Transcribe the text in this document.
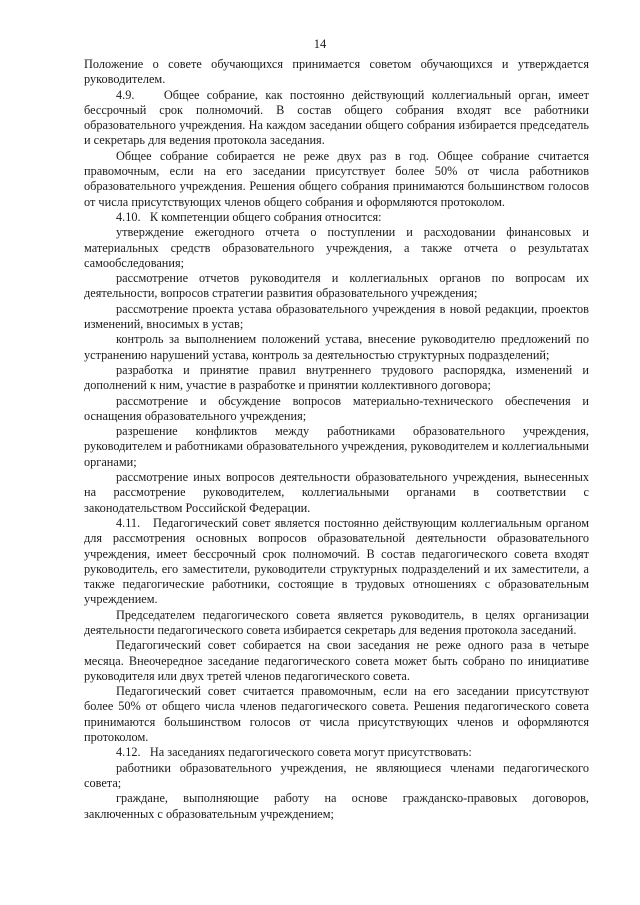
14

Положение о совете обучающихся принимается советом обучающихся и утверждается руководителем.

4.9.    Общее собрание, как постоянно действующий коллегиальный орган, имеет бессрочный срок полномочий. В состав общего собрания входят все работники образовательного учреждения. На каждом заседании общего собрания избирается председатель и секретарь для ведения протокола заседания.

Общее собрание собирается не реже двух раз в год. Общее собрание считается правомочным, если на его заседании присутствует более 50% от числа работников образовательного учреждения. Решения общего собрания принимаются большинством голосов от числа присутствующих членов общего собрания и оформляются протоколом.

4.10.   К компетенции общего собрания относится:

утверждение ежегодного отчета о поступлении и расходовании финансовых и материальных средств образовательного учреждения, а также отчета о результатах самообследования;

рассмотрение отчетов руководителя и коллегиальных органов по вопросам их деятельности, вопросов стратегии развития образовательного учреждения;

рассмотрение проекта устава образовательного учреждения в новой редакции, проектов изменений, вносимых в устав;

контроль за выполнением положений устава, внесение руководителю предложений по устранению нарушений устава, контроль за деятельностью структурных подразделений;

разработка и принятие правил внутреннего трудового распорядка, изменений и дополнений к ним, участие в разработке и принятии коллективного договора;

рассмотрение и обсуждение вопросов материально-технического обеспечения и оснащения образовательного учреждения;

разрешение конфликтов между работниками образовательного учреждения, руководителем и работниками образовательного учреждения, руководителем и коллегиальными органами;

рассмотрение иных вопросов деятельности образовательного учреждения, вынесенных на рассмотрение руководителем, коллегиальными органами в соответствии с законодательством Российской Федерации.

4.11.   Педагогический совет является постоянно действующим коллегиальным органом для рассмотрения основных вопросов образовательной деятельности образовательного учреждения, имеет бессрочный срок полномочий. В состав педагогического совета входят руководитель, его заместители, руководители структурных подразделений и их заместители, а также педагогические работники, состоящие в трудовых отношениях с образовательным учреждением.

Председателем педагогического совета является руководитель, в целях организации деятельности педагогического совета избирается секретарь для ведения протокола заседаний.

Педагогический совет собирается на свои заседания не реже одного раза в четыре месяца. Внеочередное заседание педагогического совета может быть собрано по инициативе руководителя или двух третей членов педагогического совета.

Педагогический совет считается правомочным, если на его заседании присутствуют более 50% от общего числа членов педагогического совета. Решения педагогического совета принимаются большинством голосов от числа присутствующих членов и оформляются протоколом.

4.12.   На заседаниях педагогического совета могут присутствовать:

работники образовательного учреждения, не являющиеся членами педагогического совета;

граждане, выполняющие работу на основе гражданско-правовых договоров, заключенных с образовательным учреждением;
